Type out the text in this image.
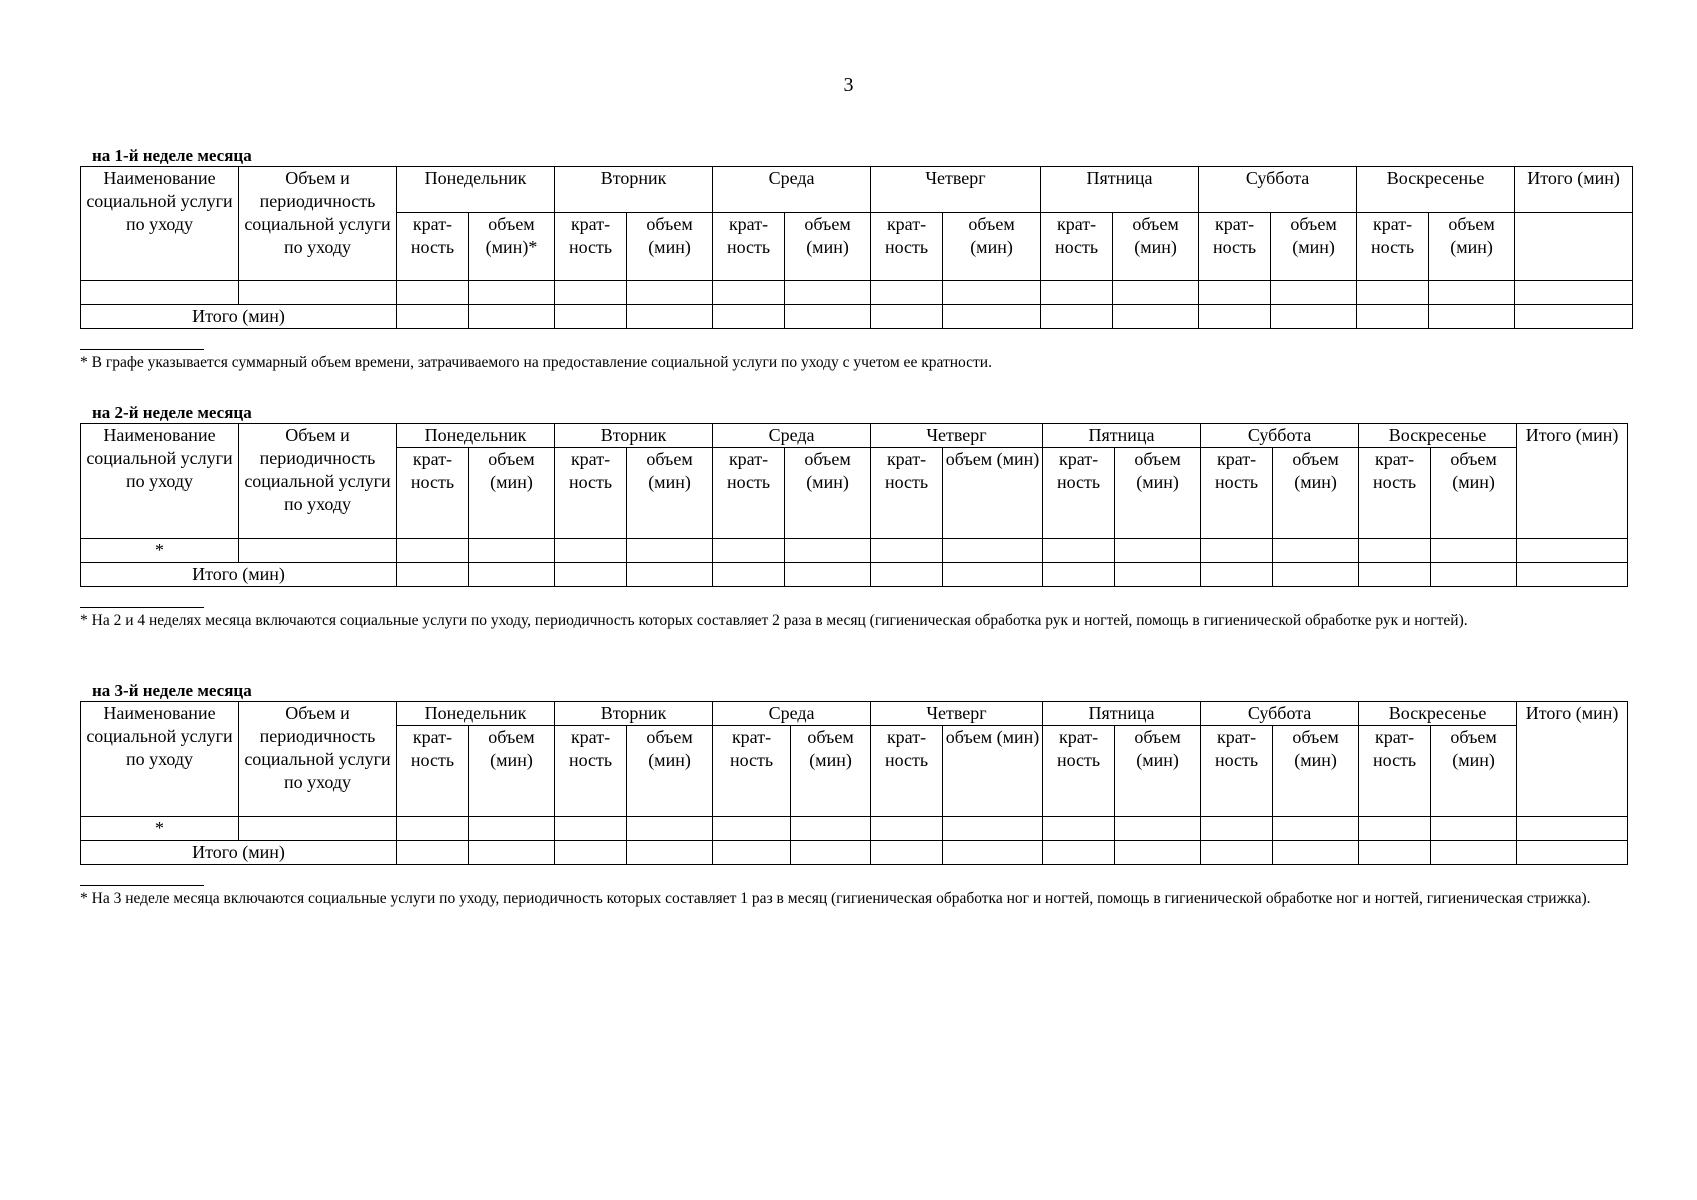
3
на 1-й неделе месяца
Наименование социальной услуги по уходу	Объем и периодичность социальной услуги по уходу	Понедельник		Вторник		Среда		Четверг		Пятница		Суббота		Воскресенье		Итого (мин)
		крат-ность	объем (мин)*	крат-ность	объем (мин)	крат-ность	объем (мин)	крат-ность	объем (мин)	крат-ность	объем (мин)	крат-ность	объем (мин)	крат-ность	объем (мин)	

Итого (мин)																
* В графе указывается суммарный объем времени, затрачиваемого на предоставление социальной услуги по уходу с учетом ее кратности.
на 2-й неделе месяца
Наименование социальной услуги по уходу	Объем и периодичность социальной услуги по уходу	Понедельник		Вторник		Среда		Четверг		Пятница		Суббота		Воскресенье		Итого (мин)
		крат-ность	объем (мин)	крат-ность	объем (мин)	крат-ность	объем (мин)	крат-ность	объем (мин)	крат-ность	объем (мин)	крат-ность	объем (мин)	крат-ность	объем (мин)	
*																
Итого (мин)																
* На 2 и 4 неделях месяца включаются социальные услуги по уходу, периодичность которых составляет 2 раза в месяц (гигиеническая обработка рук и ногтей, помощь в гигиенической обработке рук и ногтей).
на 3-й неделе месяца
Наименование социальной услуги по уходу	Объем и периодичность социальной услуги по уходу	Понедельник		Вторник		Среда		Четверг		Пятница		Суббота		Воскресенье		Итого (мин)
		крат-ность	объем (мин)	крат-ность	объем (мин)	крат-ность	объем (мин)	крат-ность	объем (мин)	крат-ность	объем (мин)	крат-ность	объем (мин)	крат-ность	объем (мин)	
*																
Итого (мин)																
* На 3 неделе месяца включаются социальные услуги по уходу, периодичность которых составляет 1 раз в месяц (гигиеническая обработка ног и ногтей, помощь в гигиенической обработке ног и ногтей, гигиеническая стрижка).
